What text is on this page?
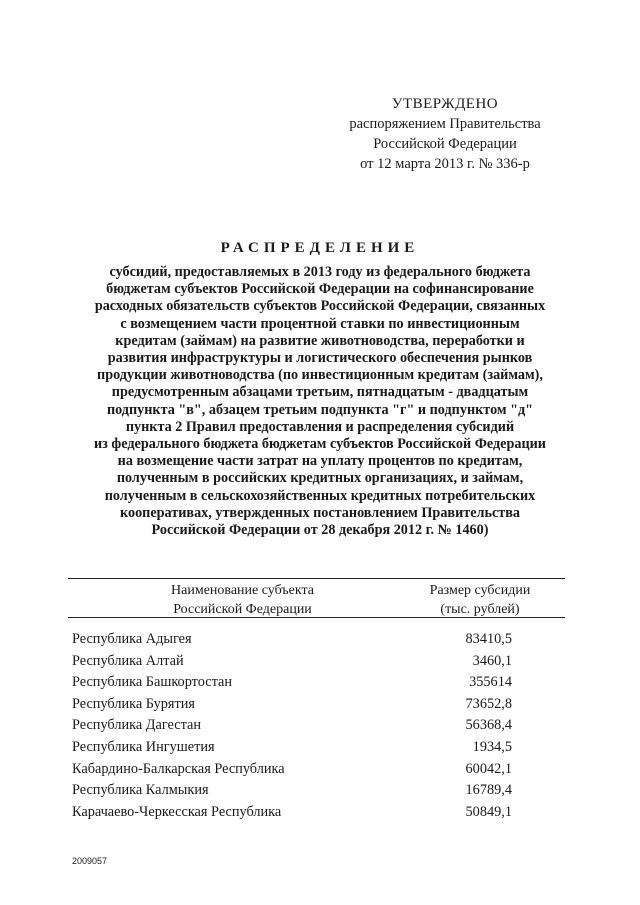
УТВЕРЖДЕНО
распоряжением Правительства
Российской Федерации
от 12 марта 2013 г. № 336-р
РАСПРЕДЕЛЕНИЕ
субсидий, предоставляемых в 2013 году из федерального бюджета
бюджетам субъектов Российской Федерации на софинансирование
расходных обязательств субъектов Российской Федерации, связанных
с возмещением части процентной ставки по инвестиционным
кредитам (займам) на развитие животноводства, переработки и
развития инфраструктуры и логистического обеспечения рынков
продукции животноводства (по инвестиционным кредитам (займам),
предусмотренным абзацами третьим, пятнадцатым - двадцатым
подпункта "в", абзацем третьим подпункта "г" и подпунктом "д"
пункта 2 Правил предоставления и распределения субсидий
из федерального бюджета бюджетам субъектов Российской Федерации
на возмещение части затрат на уплату процентов по кредитам,
полученным в российских кредитных организациях, и займам,
полученным в сельскохозяйственных кредитных потребительских
кооперативах, утвержденных постановлением Правительства
Российской Федерации от 28 декабря 2012 г. № 1460)
Наименование субъекта
Российской Федерации
Размер субсидии
(тыс. рублей)
Республика Адыгея	83410,5
Республика Алтай	3460,1
Республика Башкортостан	355614
Республика Бурятия	73652,8
Республика Дагестан	56368,4
Республика Ингушетия	1934,5
Кабардино-Балкарская Республика	60042,1
Республика Калмыкия	16789,4
Карачаево-Черкесская Республика	50849,1
2009057
